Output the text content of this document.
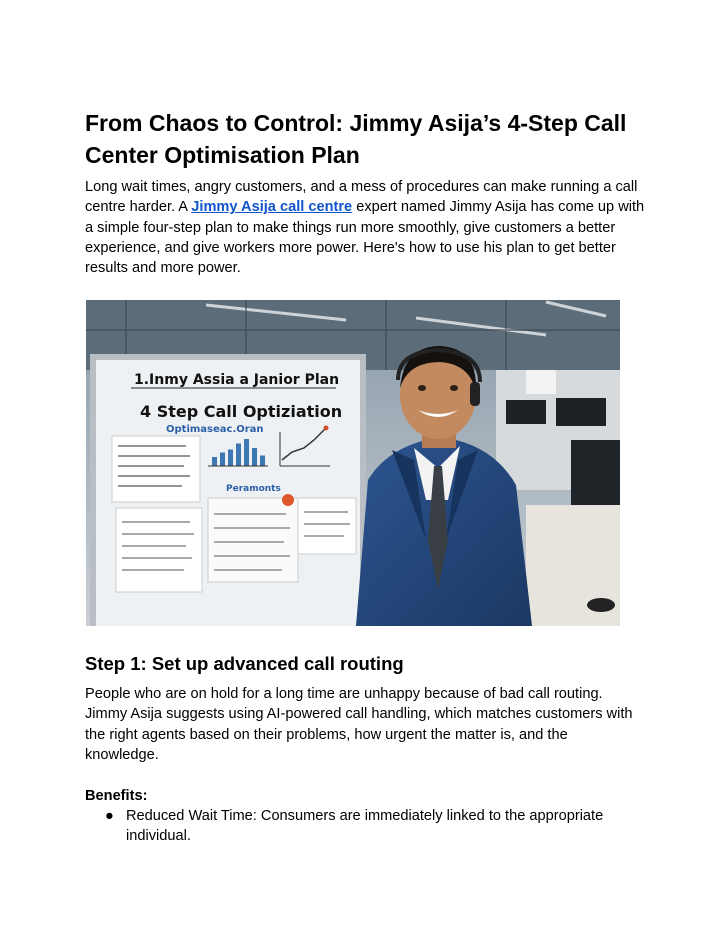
From Chaos to Control: Jimmy Asija’s 4-Step Call Center Optimisation Plan

Long wait times, angry customers, and a mess of procedures can make running a call centre harder. A Jimmy Asija call centre expert named Jimmy Asija has come up with a simple four-step plan to make things run more smoothly, give customers a better experience, and give workers more power. Here's how to use his plan to get better results and more power.

1.Inmy Assia a Janior Plan
4 Step Call Optiziation
Optimaseac.Oran
Peramonts
Step 1: Set up advanced call routing

People who are on hold for a long time are unhappy because of bad call routing. Jimmy Asija suggests using AI-powered call handling, which matches customers with the right agents based on their problems, how urgent the matter is, and the knowledge.

Benefits:

● Reduced Wait Time: Consumers are immediately linked to the appropriate individual.
